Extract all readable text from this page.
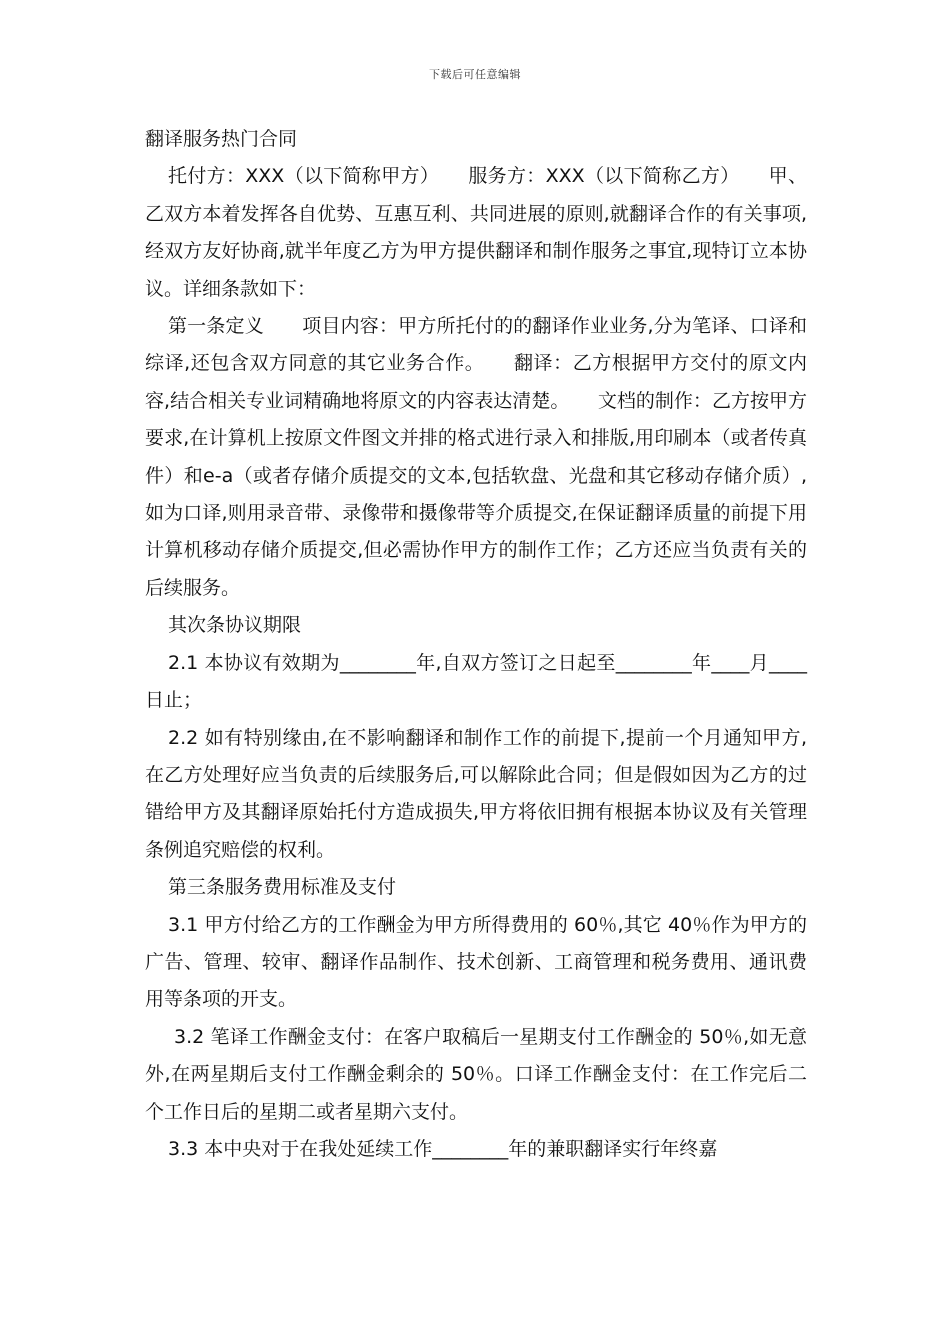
下载后可任意编辑

翻译服务热门合同

托付方：XXX（以下简称甲方）　　服务方：XXX（以下简称乙方）　　甲、乙双方本着发挥各自优势、互惠互利、共同进展的原则,就翻译合作的有关事项,经双方友好协商,就半年度乙方为甲方提供翻译和制作服务之事宜,现特订立本协议。详细条款如下：

第一条定义　　项目内容：甲方所托付的的翻译作业业务,分为笔译、口译和综译,还包含双方同意的其它业务合作。　　翻译：乙方根据甲方交付的原文内容,结合相关专业词精确地将原文的内容表达清楚。　　文档的制作：乙方按甲方要求,在计算机上按原文件图文并排的格式进行录入和排版,用印刷本（或者传真件）和e-a（或者存储介质提交的文本,包括软盘、光盘和其它移动存储介质）,如为口译,则用录音带、录像带和摄像带等介质提交,在保证翻译质量的前提下用计算机移动存储介质提交,但必需协作甲方的制作工作；乙方还应当负责有关的后续服务。

其次条协议期限

2.1 本协议有效期为________年,自双方签订之日起至________年____月____日止；

2.2 如有特别缘由,在不影响翻译和制作工作的前提下,提前一个月通知甲方,在乙方处理好应当负责的后续服务后,可以解除此合同；但是假如因为乙方的过错给甲方及其翻译原始托付方造成损失,甲方将依旧拥有根据本协议及有关管理条例追究赔偿的权利。

第三条服务费用标准及支付

3.1 甲方付给乙方的工作酬金为甲方所得费用的 60％,其它 40％作为甲方的广告、管理、较审、翻译作品制作、技术创新、工商管理和税务费用、通讯费用等条项的开支。

3.2 笔译工作酬金支付：在客户取稿后一星期支付工作酬金的 50％,如无意外,在两星期后支付工作酬金剩余的 50％。口译工作酬金支付：在工作完后二个工作日后的星期二或者星期六支付。

3.3 本中央对于在我处延续工作________年的兼职翻译实行年终嘉
